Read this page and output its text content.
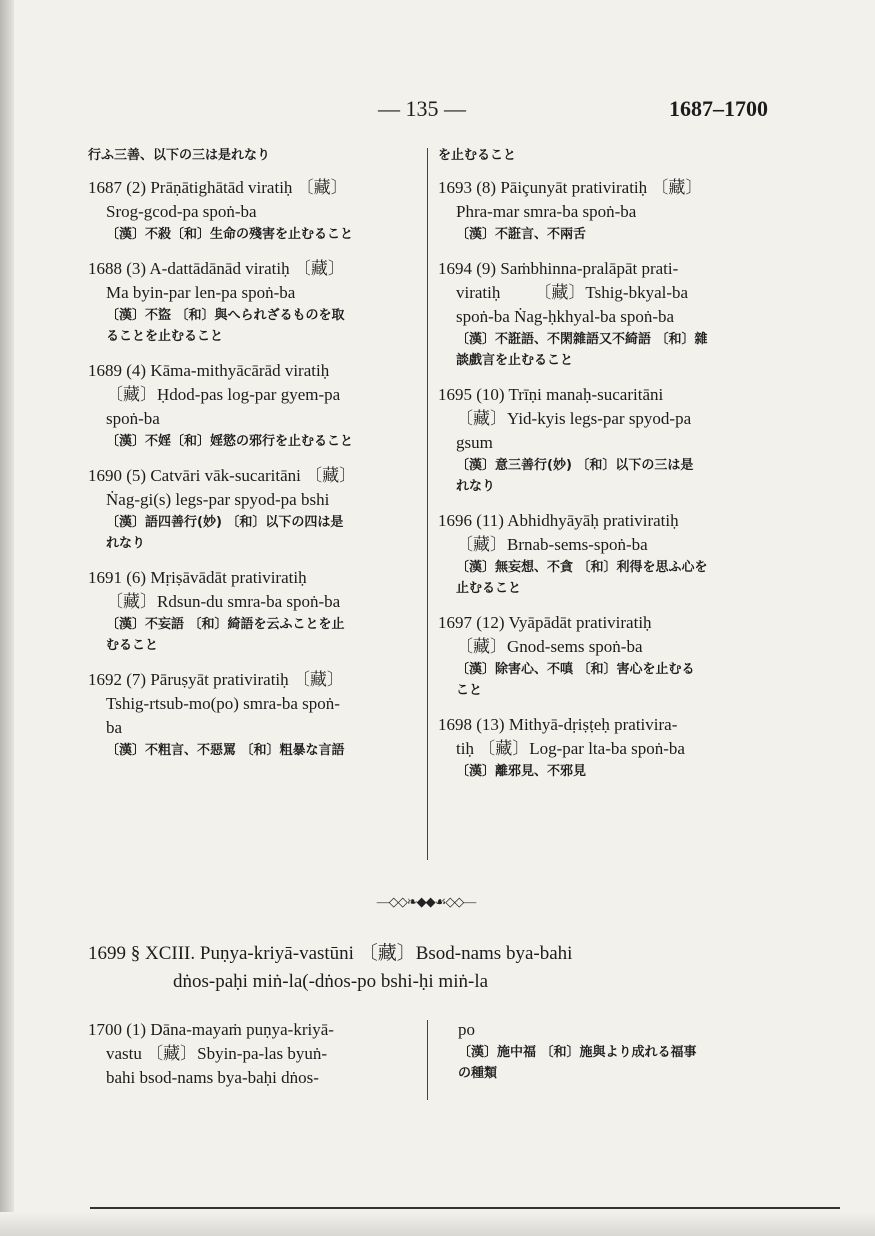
— 135 —	1687–1700
行ふ三善、以下の三は是れなり
1687 (2) Prāṇātighātād viratiḥ 〔藏〕
Srog-gcod-pa spoṅ-ba
〔漢〕不殺〔和〕生命の殘害を止むること
1688 (3) A-dattādānād viratiḥ 〔藏〕
Ma byin-par len-pa spoṅ-ba
〔漢〕不盜 〔和〕與へられざるものを取
ることを止むること
1689 (4) Kāma-mithyācārād viratiḥ
〔藏〕Ḥdod-pas log-par gyem-pa
spoṅ-ba
〔漢〕不婬〔和〕婬慾の邪行を止むること
1690 (5) Catvāri vāk-sucaritāni 〔藏〕
Ṅag-gi(s) legs-par spyod-pa bshi
〔漢〕語四善行(妙) 〔和〕以下の四は是
れなり
1691 (6) Mṛiṣāvādāt prativiratiḥ
〔藏〕Rdsun-du smra-ba spoṅ-ba
〔漢〕不妄語 〔和〕綺語を云ふことを止
むること
1692 (7) Pāruṣyāt prativiratiḥ 〔藏〕
Tshig-rtsub-mo(po) smra-ba spoṅ-
ba
〔漢〕不粗言、不惡罵 〔和〕粗暴な言語
を止むること
1693 (8) Pāiçunyāt prativiratiḥ 〔藏〕
Phra-mar smra-ba spoṅ-ba
〔漢〕不誑言、不兩舌
1694 (9) Saṁbhinna-pralāpāt prati-
viratiḥ        〔藏〕Tshig-bkyal-ba
spoṅ-ba Ṅag-ḥkhyal-ba spoṅ-ba
〔漢〕不誑語、不閑雜語又不綺語 〔和〕雜
談戲言を止むること
1695 (10) Trīṇi manaḥ-sucaritāni
〔藏〕Yid-kyis legs-par spyod-pa
gsum
〔漢〕意三善行(妙) 〔和〕以下の三は是
れなり
1696 (11) Abhidhyāyāḥ prativiratiḥ
〔藏〕Brnab-sems-spoṅ-ba
〔漢〕無妄想、不貪 〔和〕利得を思ふ心を
止むること
1697 (12) Vyāpādāt prativiratiḥ
〔藏〕Gnod-sems spoṅ-ba
〔漢〕除害心、不嗔 〔和〕害心を止むる
こと
1698 (13) Mithyā-dṛiṣṭeḥ prativira-
tiḥ 〔藏〕Log-par lta-ba spoṅ-ba
〔漢〕離邪見、不邪見
—◇◇❧◆◆☙◇◇—
1699 § XCIII. Puṇya-kriyā-vastūni 〔藏〕Bsod-nams bya-bahi
dṅos-paḥi miṅ-la(-dṅos-po bshi-ḥi miṅ-la
1700 (1) Dāna-mayaṁ puṇya-kriyā-
vastu 〔藏〕Sbyin-pa-las byuṅ-
bahi bsod-nams bya-baḥi dṅos-
po
〔漢〕施中福 〔和〕施與より成れる福事
の種類
